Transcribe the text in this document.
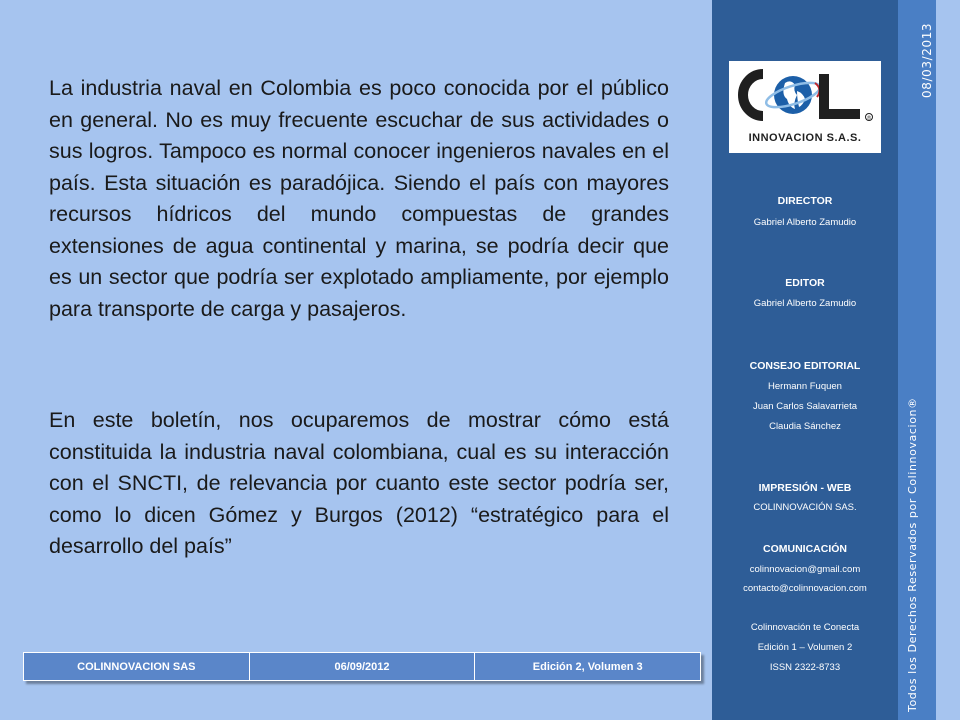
La industria naval en Colombia es poco conocida por el público en general. No es muy frecuente escuchar de sus actividades o sus logros. Tampoco es normal conocer ingenieros navales en el país. Esta situación es paradójica. Siendo el país con mayores recursos hídricos del mundo compuestas de grandes extensiones de agua continental y marina, se podría decir que es un sector que podría ser explotado ampliamente, por ejemplo para transporte de carga y pasajeros.

En este boletín, nos ocuparemos de mostrar cómo está constituida la industria naval colombiana, cual es su interacción con el SNCTI, de relevancia por cuanto este sector podría ser, como lo dicen Gómez y Burgos (2012) “estratégico para el desarrollo del país”

COLINNOVACION SAS	06/09/2012	Edición 2, Volumen 3
®
INNOVACION S.A.S.
DIRECTOR
Gabriel Alberto Zamudio
EDITOR
Gabriel Alberto Zamudio
CONSEJO EDITORIAL
Hermann Fuquen
Juan Carlos Salavarrieta
Claudia Sánchez
IMPRESIÓN - WEB
COLINNOVACIÓN SAS.
COMUNICACIÓN
colinnovacion@gmail.com
contacto@colinnovacion.com
Colinnovación te Conecta
Edición 1 – Volumen 2
ISSN 2322-8733	Todos los Derechos Reservados por Colinnovacion®
08/03/2013
